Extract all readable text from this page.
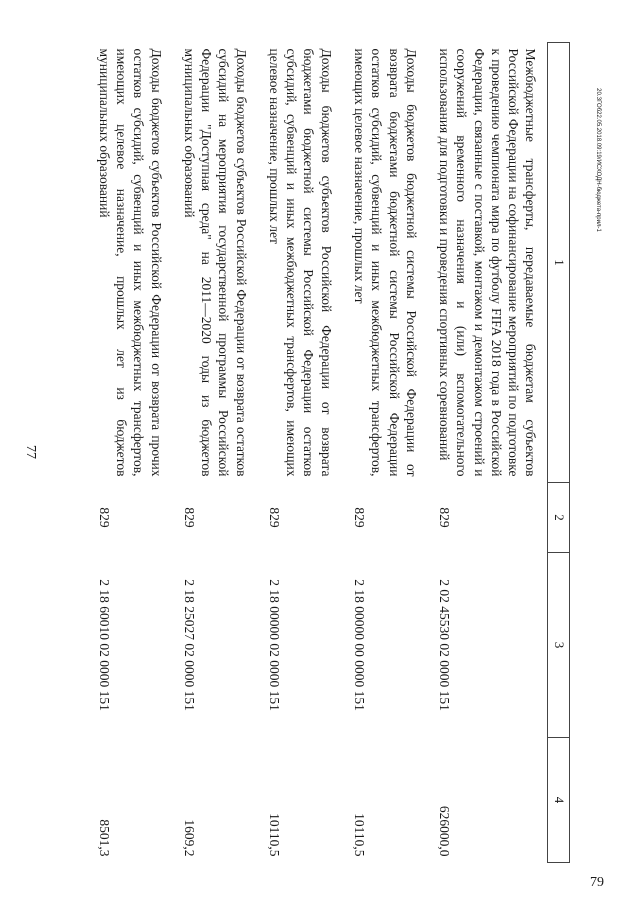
77
1	2	3	4
Межбюджетные трансферты, передаваемые бюджетам субъектов Российской Федерации на софинансирование мероприятий по подготовке к проведению чемпионата мира по футболу FIFA 2018 года в Российской Федерации, связанные с поставкой, монтажом и демонтажом строений и сооружений временного назначения и (или) вспомогательного использования для подготовки и проведения спортивных соревнований	829	2 02 45530 02 0000 151	626000,0
Доходы бюджетов бюджетной системы Российской Федерации от возврата бюджетами бюджетной системы Российской Федерации остатков субсидий, субвенций и иных межбюджетных трансфертов, имеющих целевое назначение, прошлых лет	829	2 18 00000 00 0000 151	10110,5
Доходы бюджетов субъектов Российской Федерации от возврата бюджетами бюджетной системы Российской Федерации остатков субсидий, субвенций и иных межбюджетных трансфертов, имеющих целевое назначение, прошлых лет	829	2 18 00000 02 0000 151	10110,5
Доходы бюджетов субъектов Российской Федерации от возврата остатков субсидий на мероприятия государственной программы Российской Федерации "Доступная среда" на 2011—2020 годы из бюджетов муниципальных образований	829	2 18 25027 02 0000 151	1609,2
Доходы бюджетов субъектов Российской Федерации от возврата прочих остатков субсидий, субвенций и иных межбюджетных трансфертов, имеющих целевое назначение, прошлых лет из бюджетов муниципальных образований	829	2 18 60010 02 0000 151	8501,3
20.ЗГОб22.05.2018.09:19/ИСХОДН-бюджета-прил-1
79
